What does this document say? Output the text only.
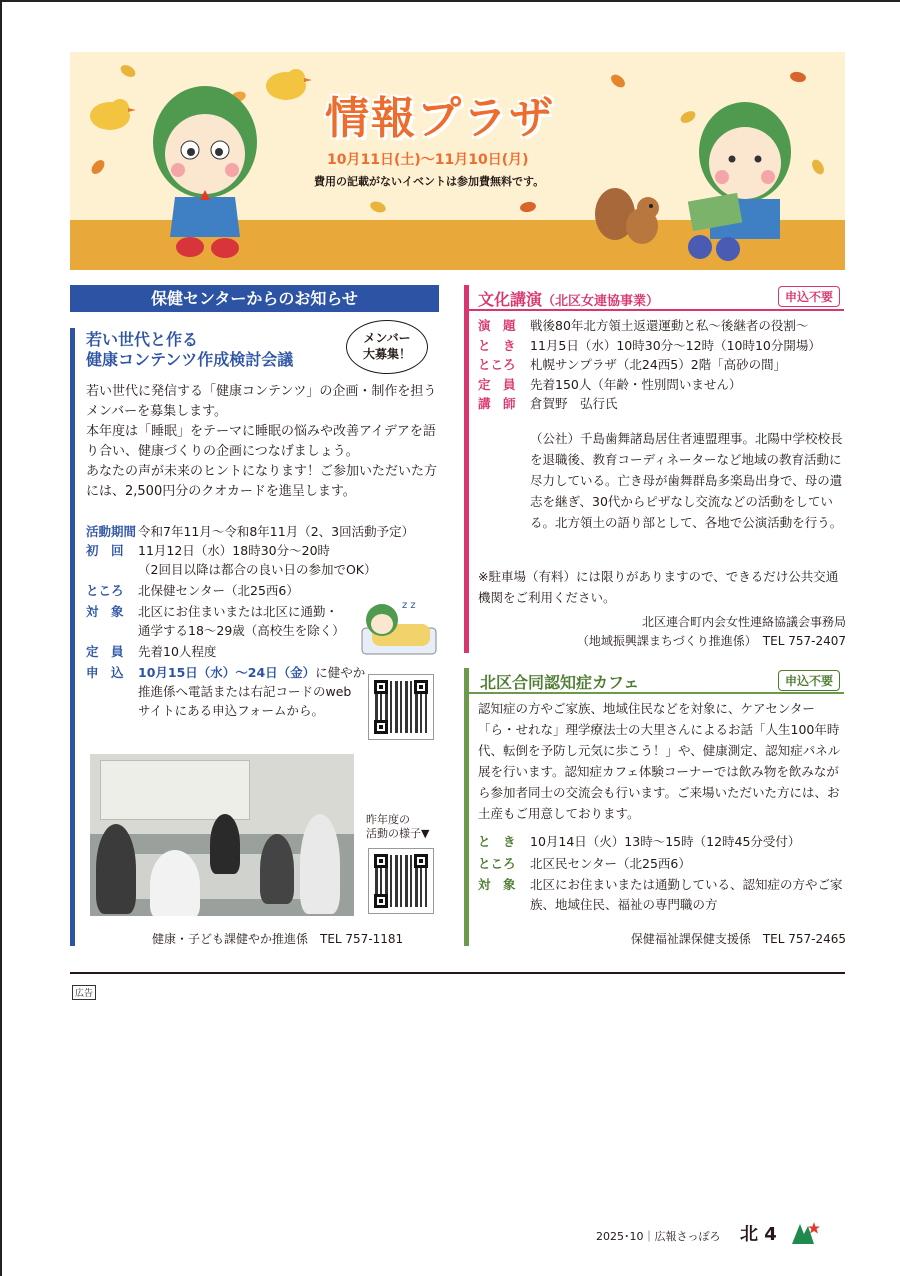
情報プラザ
10月11日(土)～11月10日(月)
費用の記載がないイベントは参加費無料です。
保健センターからのお知らせ
若い世代と作る
健康コンテンツ作成検討会議
メンバー
大募集！

若い世代に発信する「健康コンテンツ」の企画・制作を担うメンバーを募集します。

本年度は「睡眠」をテーマに睡眠の悩みや改善アイデアを語り合い、健康づくりの企画につなげましょう。

あなたの声が未来のヒントになります！ご参加いただいた方には、2,500円分のクオカードを進呈します。

活動期間 令和7年11月～令和8年11月（2、3回活動予定）
初　回	11月12日（水）18時30分～20時
（2回目以降は都合の良い日の参加でOK）
ところ	北保健センター（北25西6）
対　象	北区にお住まいまたは北区に通勤・
通学する18～29歳（高校生を除く）
定　員	先着10人程度
申　込	10月15日（水）～24日（金）に健やか
推進係へ電話または右記コードのweb
サイトにある申込フォームから。
z z
昨年度の
活動の様子▼
健康・子ども課健やか推進係　TEL 757-1181
文化講演（北区女連協事業）	申込不要
演　題	戦後80年北方領土返還運動と私～後継者の役割～
と　き	11月5日（水）10時30分～12時（10時10分開場）
ところ	札幌サンプラザ（北24西5）2階「高砂の間」
定　員	先着150人（年齢・性別問いません）
講　師	倉賀野　弘行氏
（公社）千島歯舞諸島居住者連盟理事。北陽中学校校長を退職後、教育コーディネーターなど地域の教育活動に尽力している。亡き母が歯舞群島多楽島出身で、母の遺志を継ぎ、30代からピザなし交流などの活動をしている。北方領土の語り部として、各地で公演活動を行う。
※駐車場（有料）には限りがありますので、できるだけ公共交通機関をご利用ください。
北区連合町内会女性連絡協議会事務局
（地域振興課まちづくり推進係）　TEL 757-2407
北区合同認知症カフェ	申込不要
認知症の方やご家族、地域住民などを対象に、ケアセンター「ら・せれな」理学療法士の大里さんによるお話「人生100年時代、転倒を予防し元気に歩こう！」や、健康測定、認知症パネル展を行います。認知症カフェ体験コーナーでは飲み物を飲みながら参加者同士の交流会も行います。ご来場いただいた方には、お土産もご用意しております。
と　き	10月14日（火）13時～15時（12時45分受付）
ところ	北区民センター（北25西6）
対　象	北区にお住まいまたは通勤している、認知症の方やご家族、地域住民、福祉の専門職の方
保健福祉課保健支援係　TEL 757-2465
広告
2025･10｜広報さっぽろ 北 4
